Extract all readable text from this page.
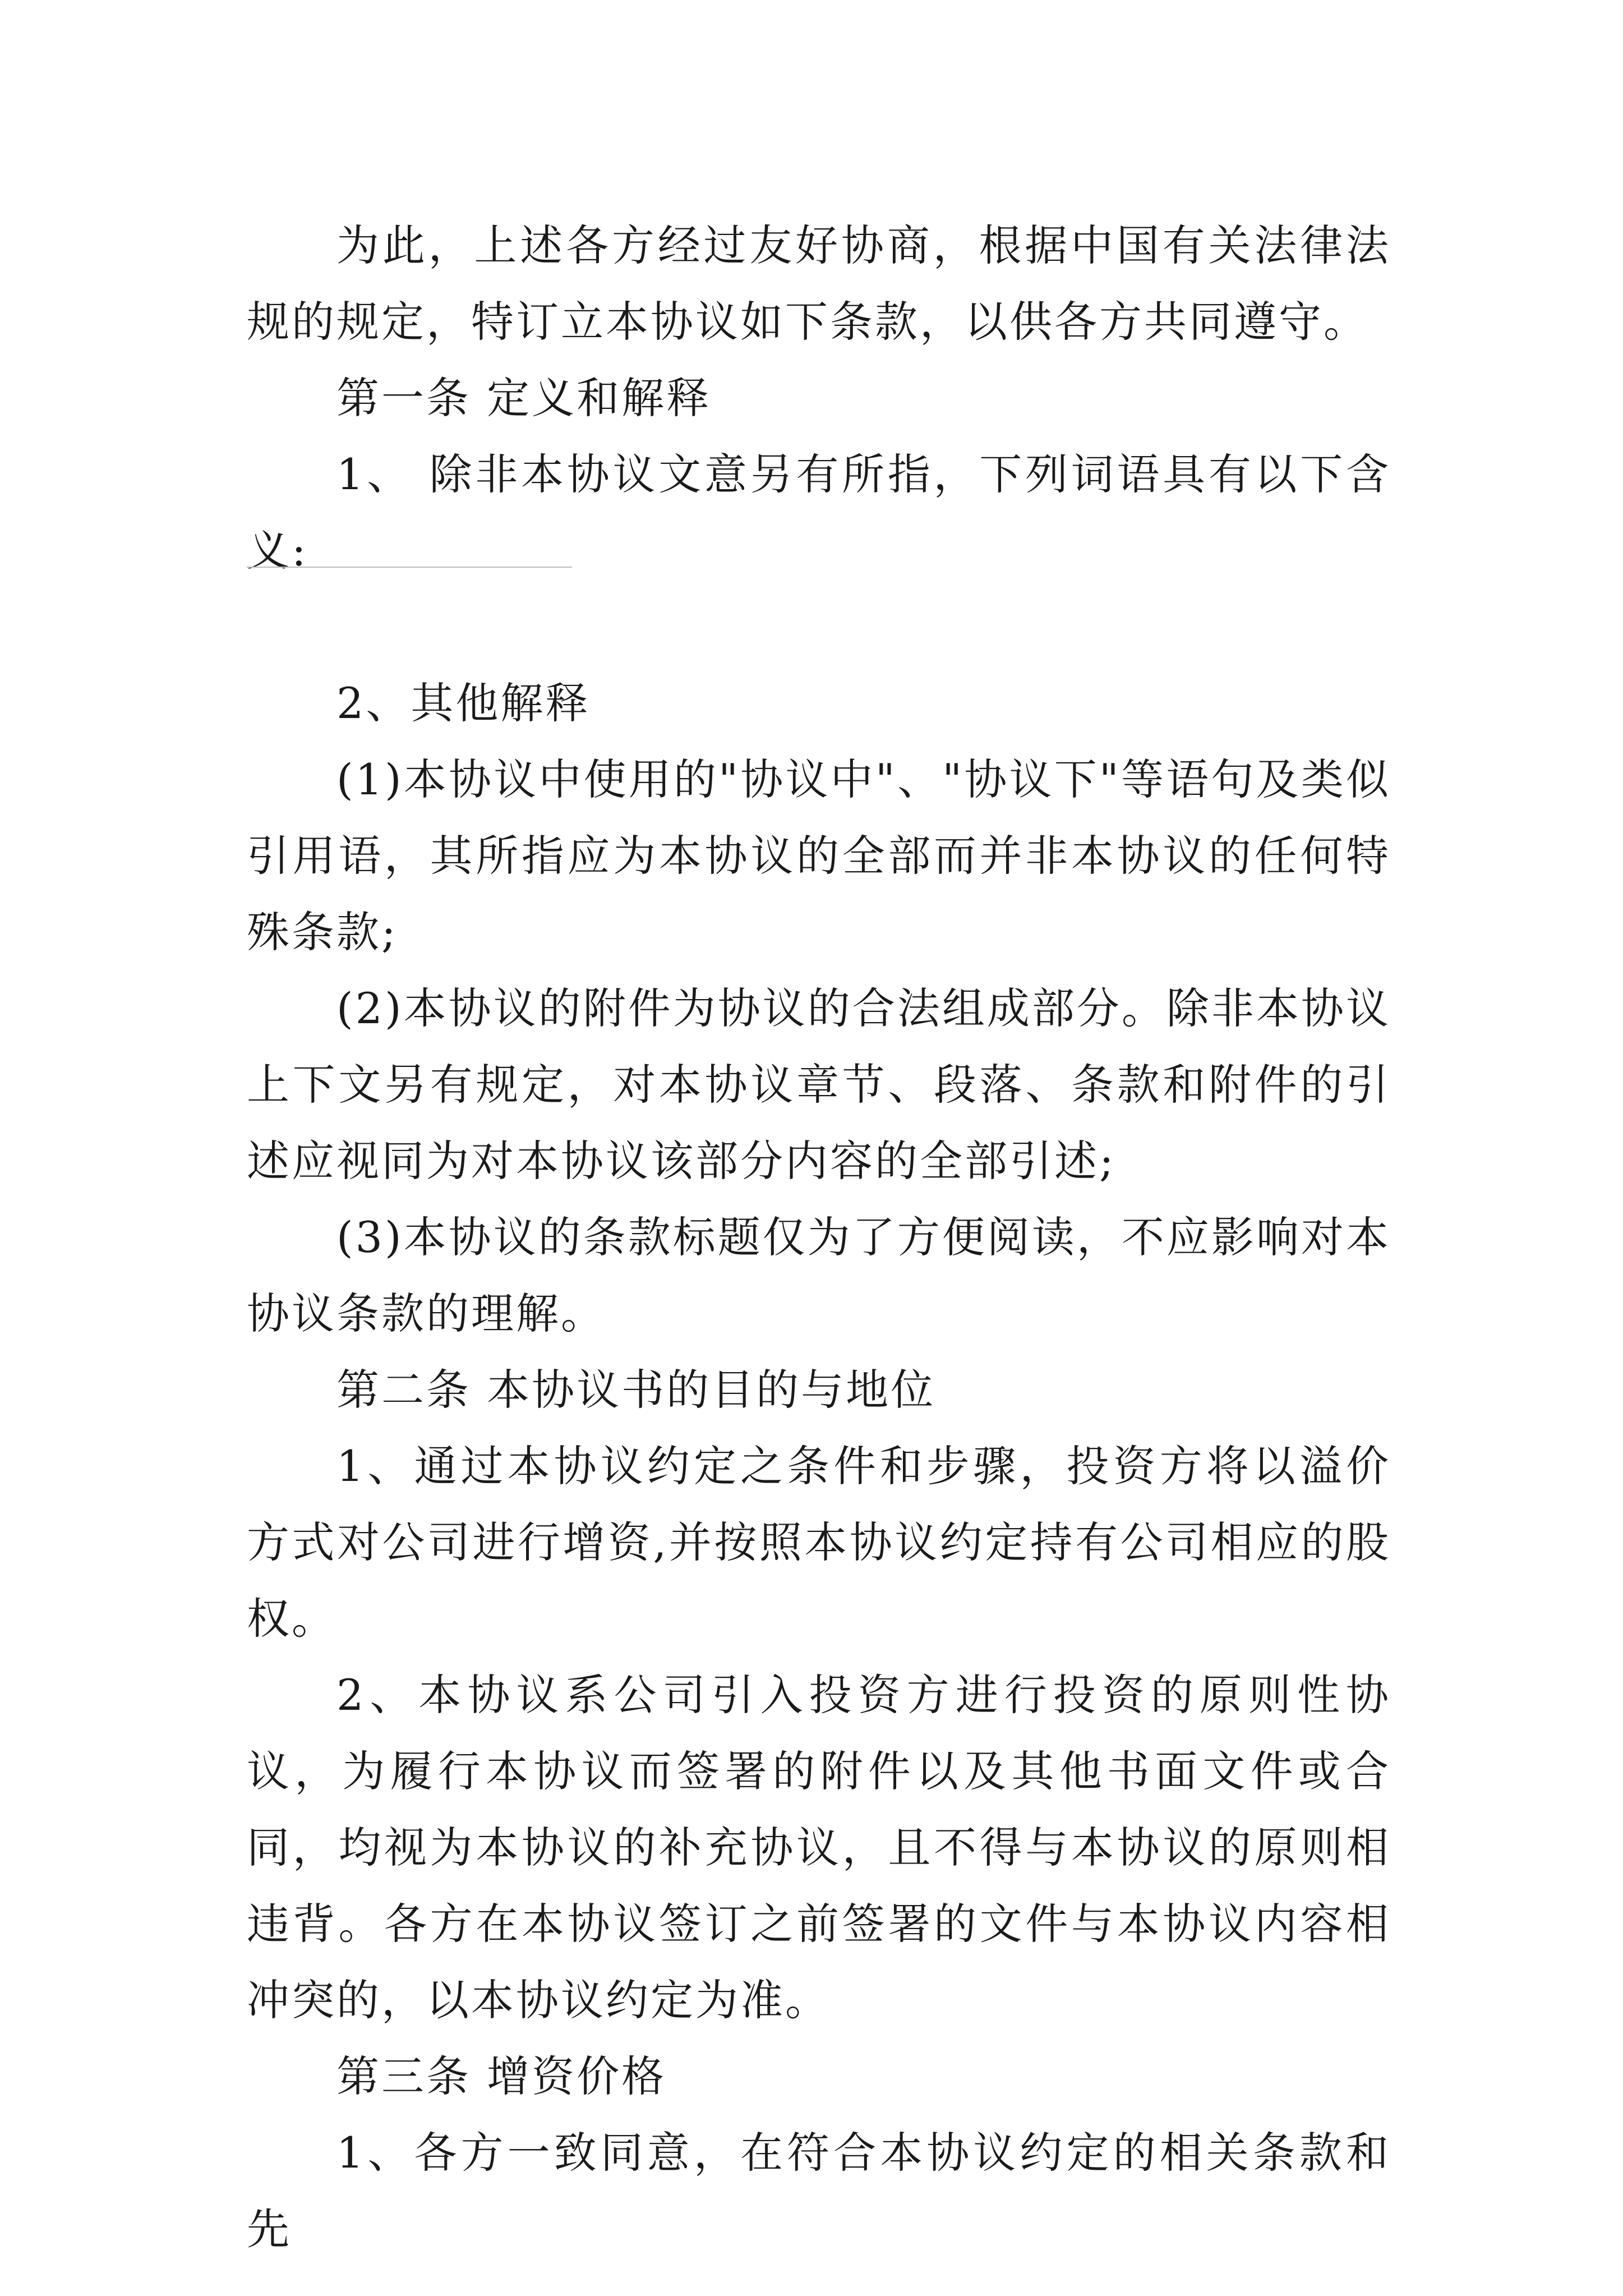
为此，上述各方经过友好协商，根据中国有关法律法规的规定，特订立本协议如下条款，以供各方共同遵守。

第一条 定义和解释

1、 除非本协议文意另有所指，下列词语具有以下含义:

2、其他解释

(1)本协议中使用的"协议中"、"协议下"等语句及类似引用语，其所指应为本协议的全部而并非本协议的任何特殊条款;

(2)本协议的附件为协议的合法组成部分。除非本协议上下文另有规定，对本协议章节、段落、条款和附件的引述应视同为对本协议该部分内容的全部引述;

(3)本协议的条款标题仅为了方便阅读，不应影响对本协议条款的理解。

第二条 本协议书的目的与地位

1、通过本协议约定之条件和步骤，投资方将以溢价方式对公司进行增资,并按照本协议约定持有公司相应的股权。

2、本协议系公司引入投资方进行投资的原则性协议，为履行本协议而签署的附件以及其他书面文件或合同，均视为本协议的补充协议，且不得与本协议的原则相违背。各方在本协议签订之前签署的文件与本协议内容相冲突的，以本协议约定为准。

第三条 增资价格

1、各方一致同意，在符合本协议约定的相关条款和先
